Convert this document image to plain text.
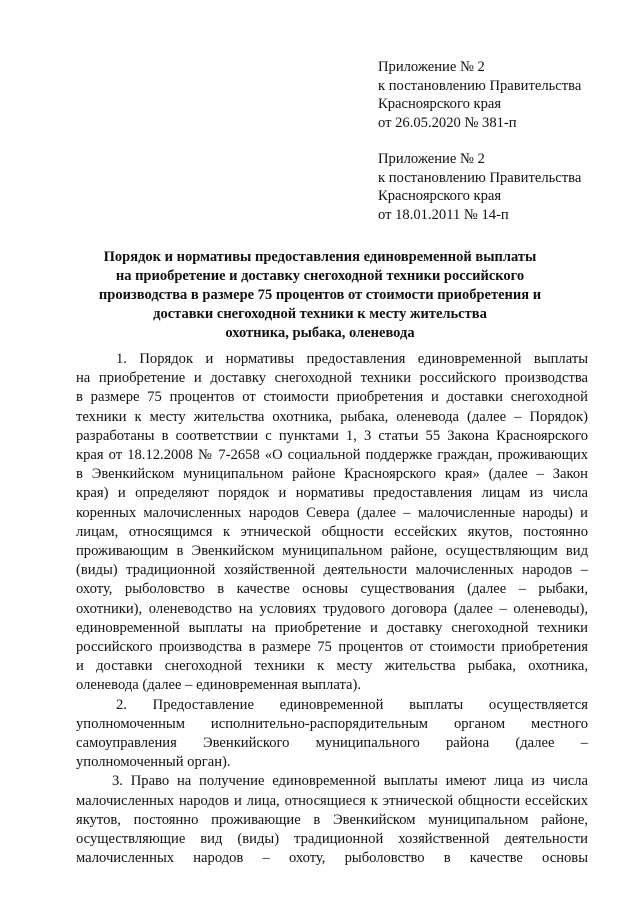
Приложение № 2
к постановлению Правительства
Красноярского края
от 26.05.2020 № 381-п
Приложение № 2
к постановлению Правительства
Красноярского края
от 18.01.2011 № 14-п
Порядок и нормативы предоставления единовременной выплаты
на приобретение и доставку снегоходной техники российского
производства в размере 75 процентов от стоимости приобретения и
доставки снегоходной техники к месту жительства
охотника, рыбака, оленевода
1. Порядок и нормативы предоставления единовременной выплаты
на приобретение и доставку снегоходной техники российского производства
в размере 75 процентов от стоимости приобретения и доставки снегоходной
техники к месту жительства охотника, рыбака, оленевода (далее – Порядок)
разработаны в соответствии с пунктами 1, 3 статьи 55 Закона Красноярского
края от 18.12.2008 № 7-2658 «О социальной поддержке граждан, проживающих
в Эвенкийском муниципальном районе Красноярского края» (далее – Закон
края) и определяют порядок и нормативы предоставления лицам из числа
коренных малочисленных народов Севера (далее – малочисленные народы) и
лицам, относящимся к этнической общности ессейских якутов, постоянно
проживающим в Эвенкийском муниципальном районе, осуществляющим вид
(виды) традиционной хозяйственной деятельности малочисленных народов –
охоту, рыболовство в качестве основы существования (далее – рыбаки,
охотники), оленеводство на условиях трудового договора (далее – оленеводы),
единовременной выплаты на приобретение и доставку снегоходной техники
российского производства в размере 75 процентов от стоимости приобретения
и доставки снегоходной техники к месту жительства рыбака, охотника,
оленевода (далее – единовременная выплата).
2. Предоставление единовременной выплаты осуществляется
уполномоченным исполнительно-распорядительным органом местного
самоуправления Эвенкийского муниципального района (далее –
уполномоченный орган).
3. Право на получение единовременной выплаты имеют лица из числа
малочисленных народов и лица, относящиеся к этнической общности ессейских
якутов, постоянно проживающие в Эвенкийском муниципальном районе,
осуществляющие вид (виды) традиционной хозяйственной деятельности
малочисленных народов – охоту, рыболовство в качестве основы
